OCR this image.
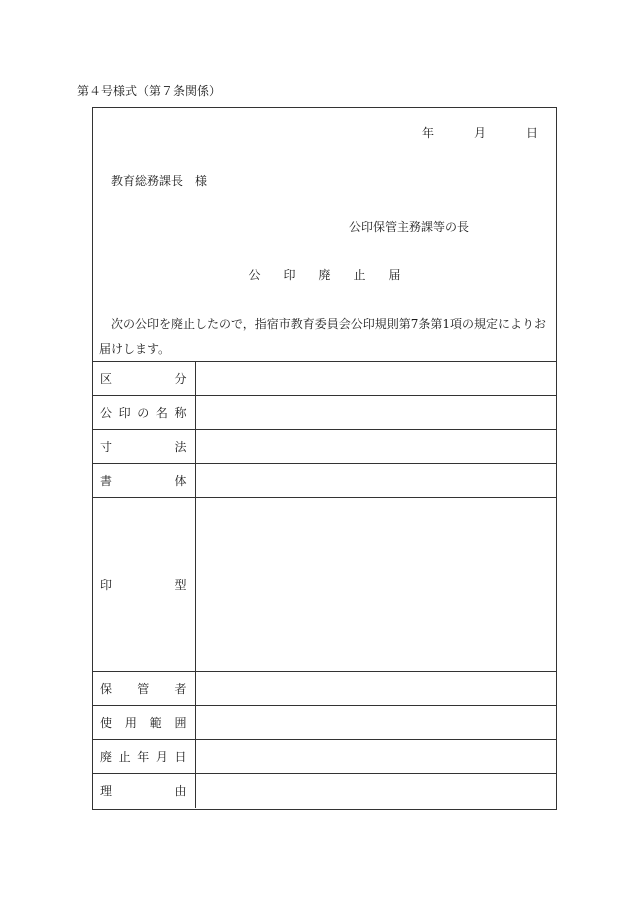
第４号様式（第７条関係）
年	月	日
教育総務課長　様
公印保管主務課等の長
公印廃止届
次の公印を廃止したので，指宿市教育委員会公印規則第7条第1項の規定によりお届けします。
区 分	

公 印 の 名 称	

寸 法	

書 体	

印 型	

保 管 者	

使 用 範 囲	

廃 止 年 月 日	

理 由	
